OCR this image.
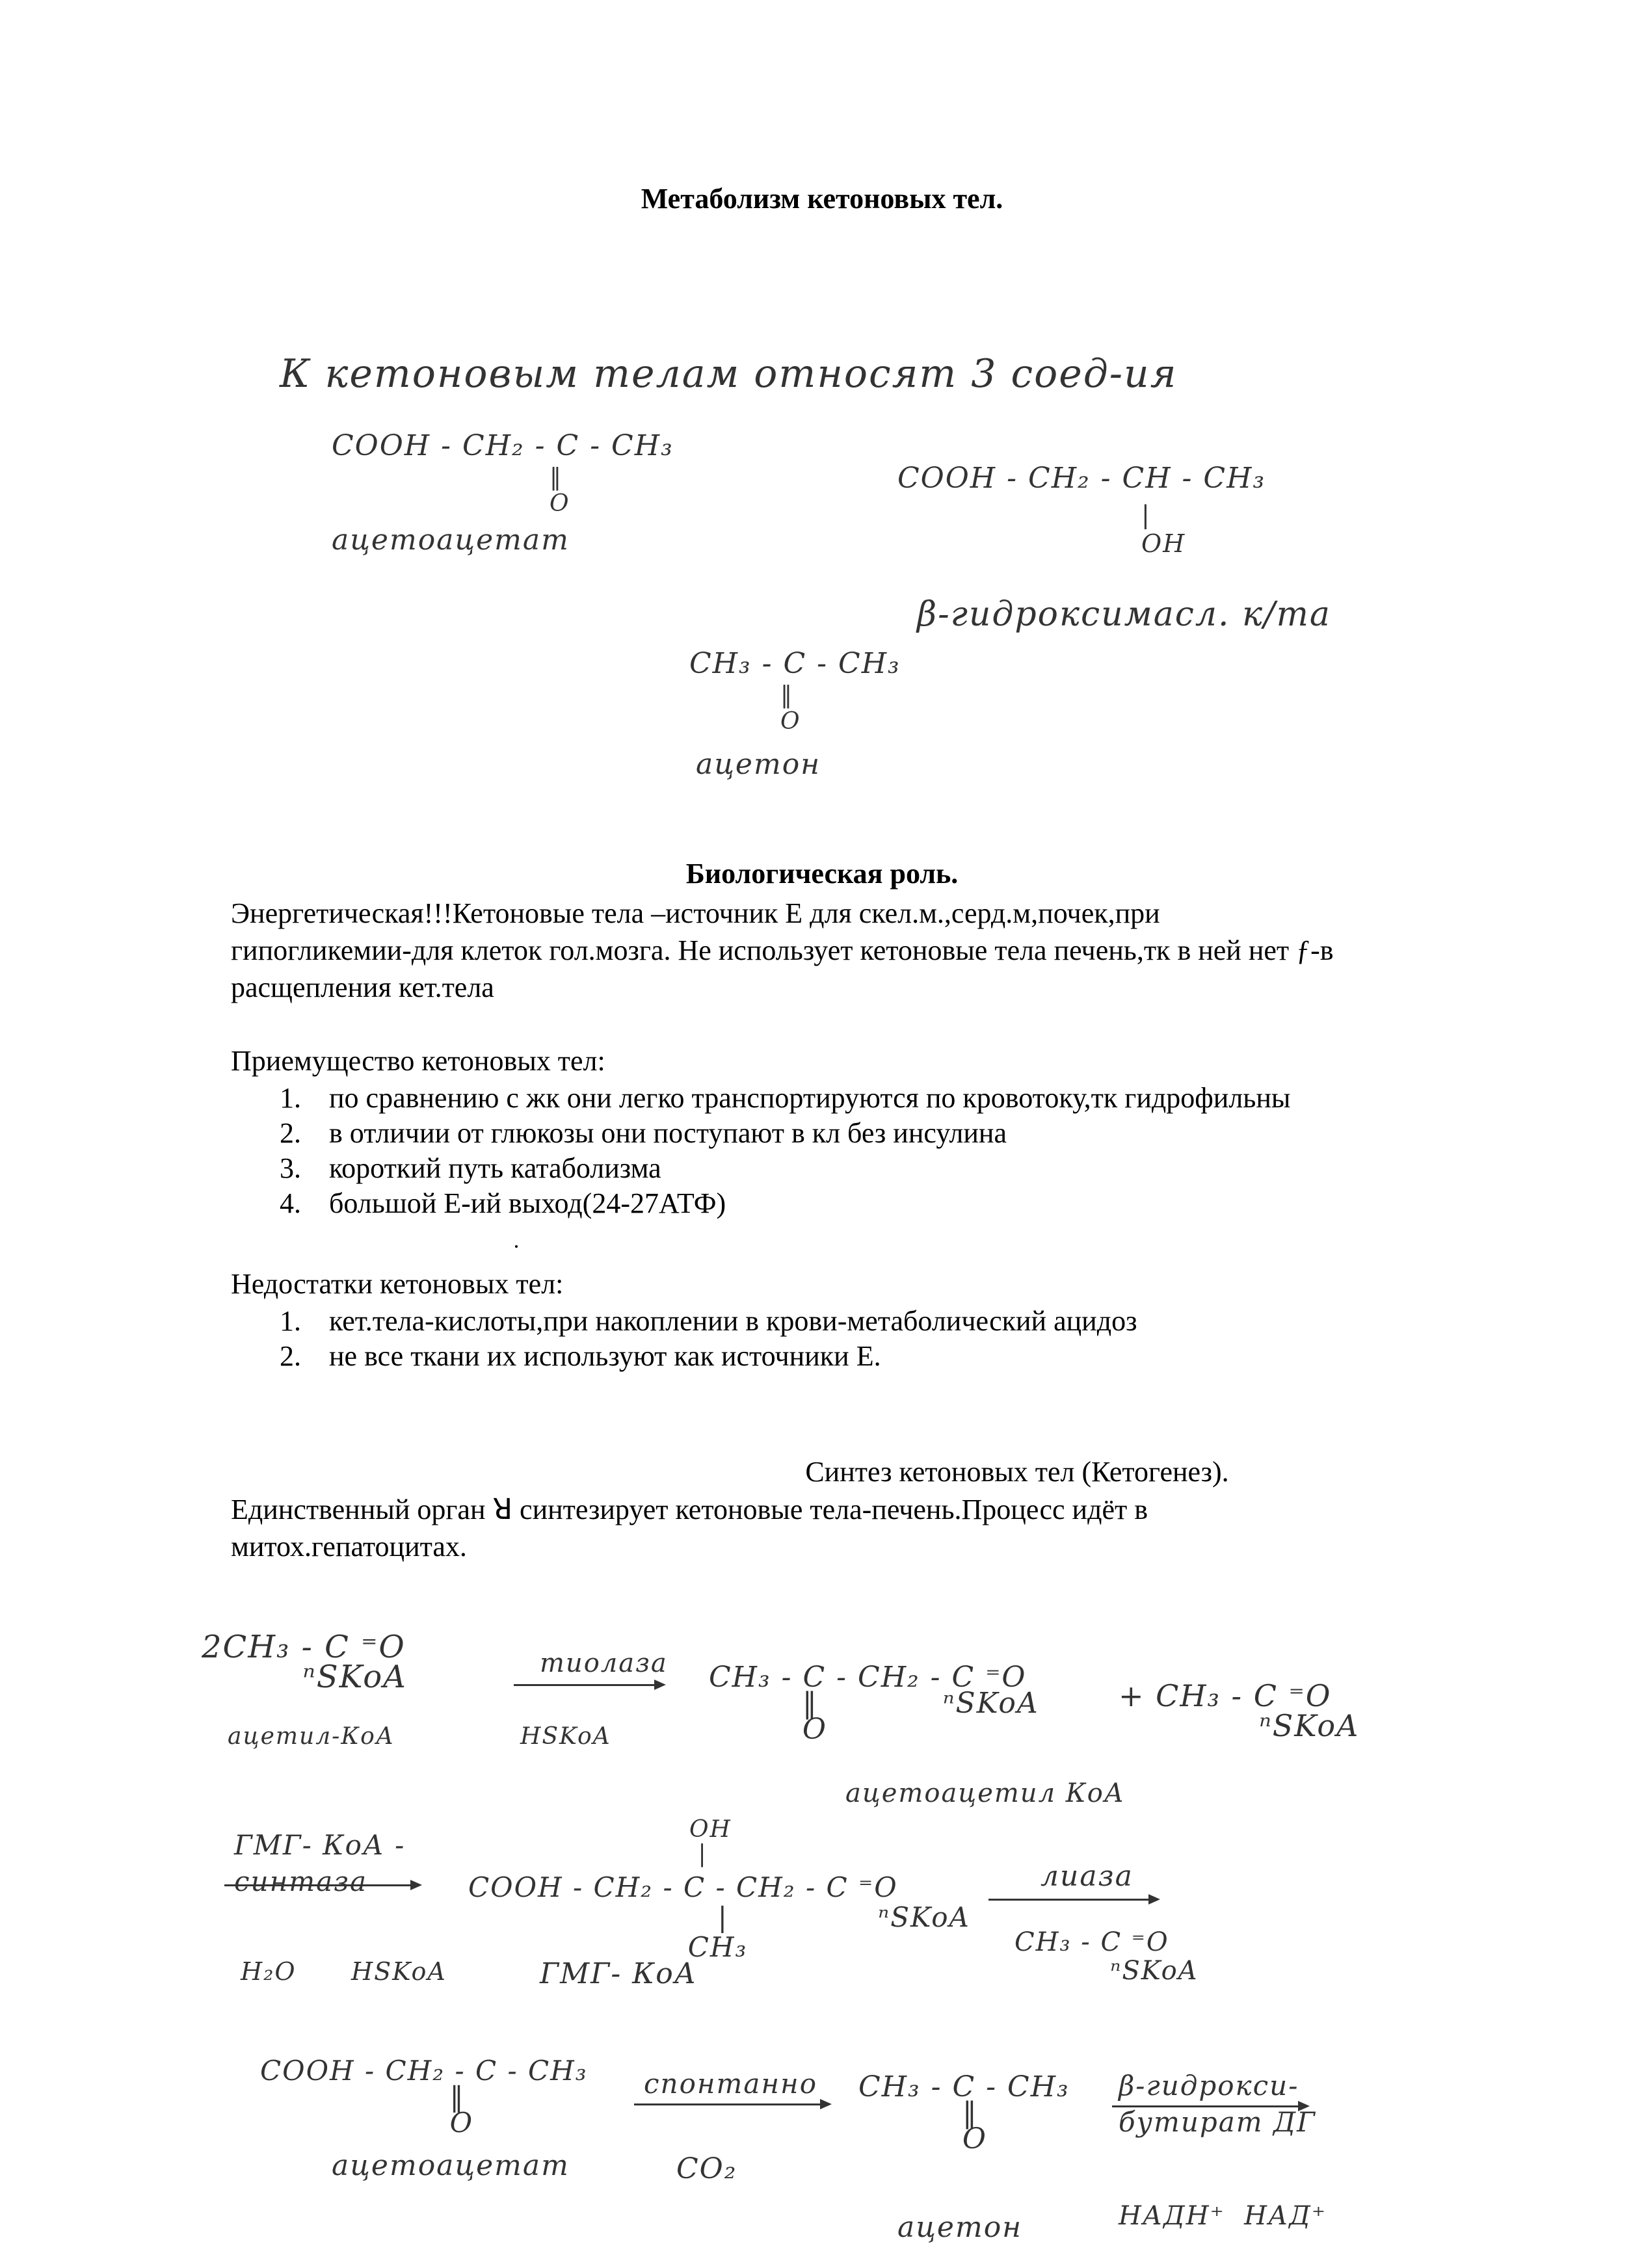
Метаболизм кетоновых тел.
К кетоновым телам относят 3 соед-ия
COOH - CH₂ - C - CH₃
‖
O
ацетоацетат
COOH - CH₂ - CH - CH₃
|
OH
β-гидроксимасл. к/та
CH₃ - C - CH₃
‖
O
ацетон
Биологическая роль.
Энергетическая!!!Кетоновые тела –источник Е для скел.м.,серд.м,почек,при
гипогликемии-для клеток гол.мозга. Не использует кетоновые тела печень,тк в ней нет ƒ-в
расщепления кет.тела
Приемущество кетоновых тел:
1. по сравнению с жк они легко транспортируются по кровотоку,тк гидрофильны
2. в отличии от глюкозы они поступают в кл без инсулина
3. короткий путь катаболизма
4. большой Е-ий выход(24-27АТФ)
Недостатки кетоновых тел:
1. кет.тела-кислоты,при накоплении в крови-метаболический ацидоз
2. не все ткани их используют как источники Е.
Синтез кетоновых тел (Кетогенез).
Единственный орган ꓤ синтезирует кетоновые тела-печень.Процесс идёт в
митох.гепатоцитах.
2CH₃ - C ⁼O
ⁿSKoA
ацетил-КоА
тиолаза
HSKoA
CH₃ - C - CH₂ - C ⁼O
‖            ⁿSKoA
O
+ CH₃ - C ⁼O
ⁿSKoA
ацетоацетил КоА
ГМГ- КоА -
синтаза
H₂O      HSKoA
OH
|
COOH - CH₂ - C - CH₂ - C ⁼O
|               ⁿSKoA
CH₃
ГМГ- КоА
лиаза
CH₃ - C ⁼O
ⁿSKoA
COOH - CH₂ - C - CH₃
‖
O
ацетоацетат
спонтанно
CO₂
CH₃ - C - CH₃
‖
O
ацетон
β-гидрокси-
бутират ДГ
НАДН⁺  НАД⁺
